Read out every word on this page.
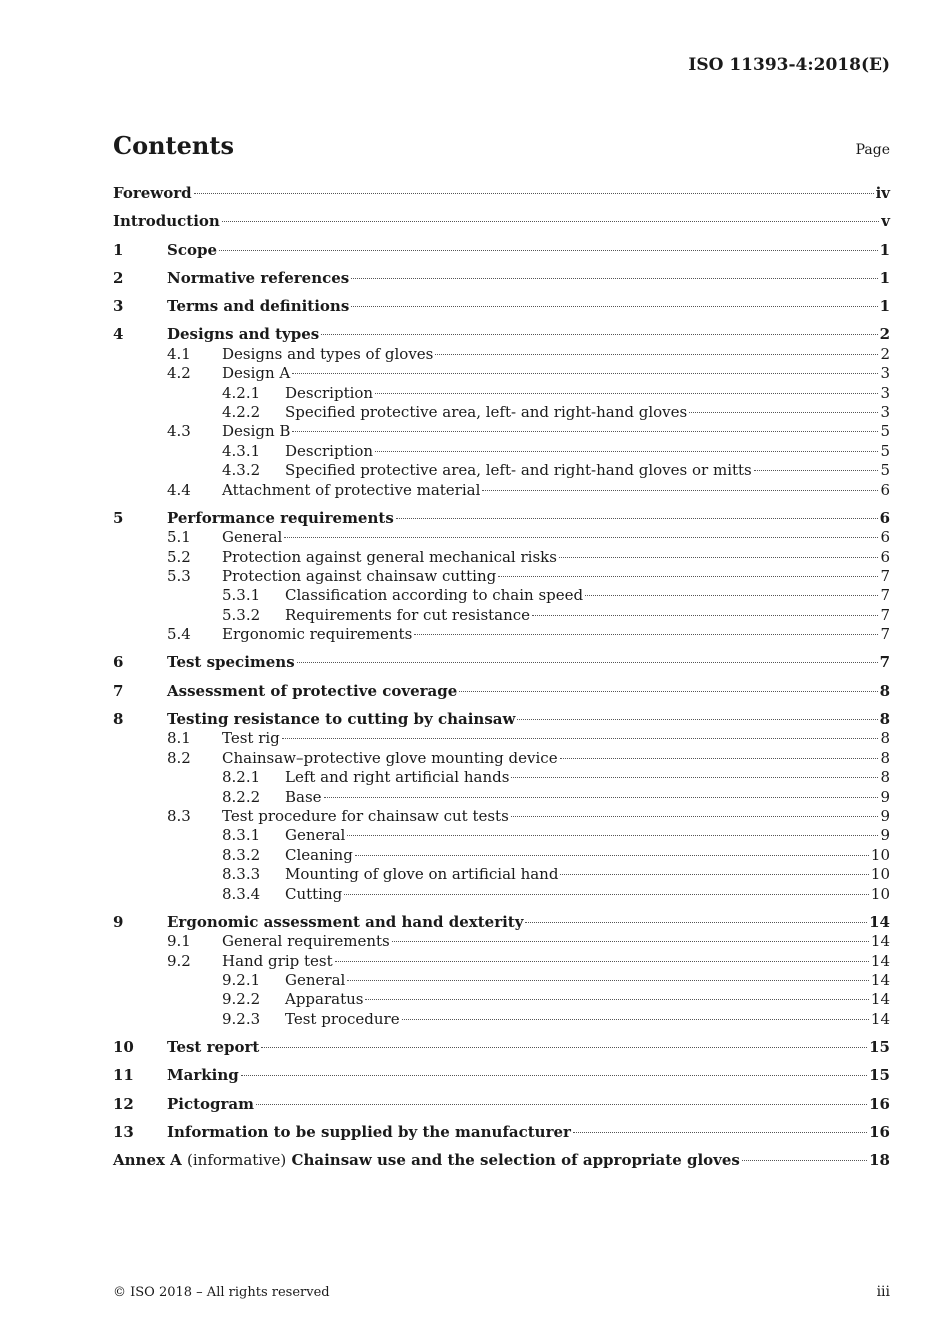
ISO 11393-4:2018(E)
Contents	Page
Foreword	iv
Introduction	v
1	Scope	1
2	Normative references	1
3	Terms and definitions	1
4	Designs and types	2
4.1	Designs and types of gloves	2
4.2	Design A	3
4.2.1	Description	3
4.2.2	Specified protective area, left- and right-hand gloves	3
4.3	Design B	5
4.3.1	Description	5
4.3.2	Specified protective area, left- and right-hand gloves or mitts	5
4.4	Attachment of protective material	6
5	Performance requirements	6
5.1	General	6
5.2	Protection against general mechanical risks	6
5.3	Protection against chainsaw cutting	7
5.3.1	Classification according to chain speed	7
5.3.2	Requirements for cut resistance	7
5.4	Ergonomic requirements	7
6	Test specimens	7
7	Assessment of protective coverage	8
8	Testing resistance to cutting by chainsaw	8
8.1	Test rig	8
8.2	Chainsaw–protective glove mounting device	8
8.2.1	Left and right artificial hands	8
8.2.2	Base	9
8.3	Test procedure for chainsaw cut tests	9
8.3.1	General	9
8.3.2	Cleaning	10
8.3.3	Mounting of glove on artificial hand	10
8.3.4	Cutting	10
9	Ergonomic assessment and hand dexterity	14
9.1	General requirements	14
9.2	Hand grip test	14
9.2.1	General	14
9.2.2	Apparatus	14
9.2.3	Test procedure	14
10	Test report	15
11	Marking	15
12	Pictogram	16
13	Information to be supplied by the manufacturer	16
Annex A (informative) Chainsaw use and the selection of appropriate gloves	18
© ISO 2018 – All rights reserved	iii
